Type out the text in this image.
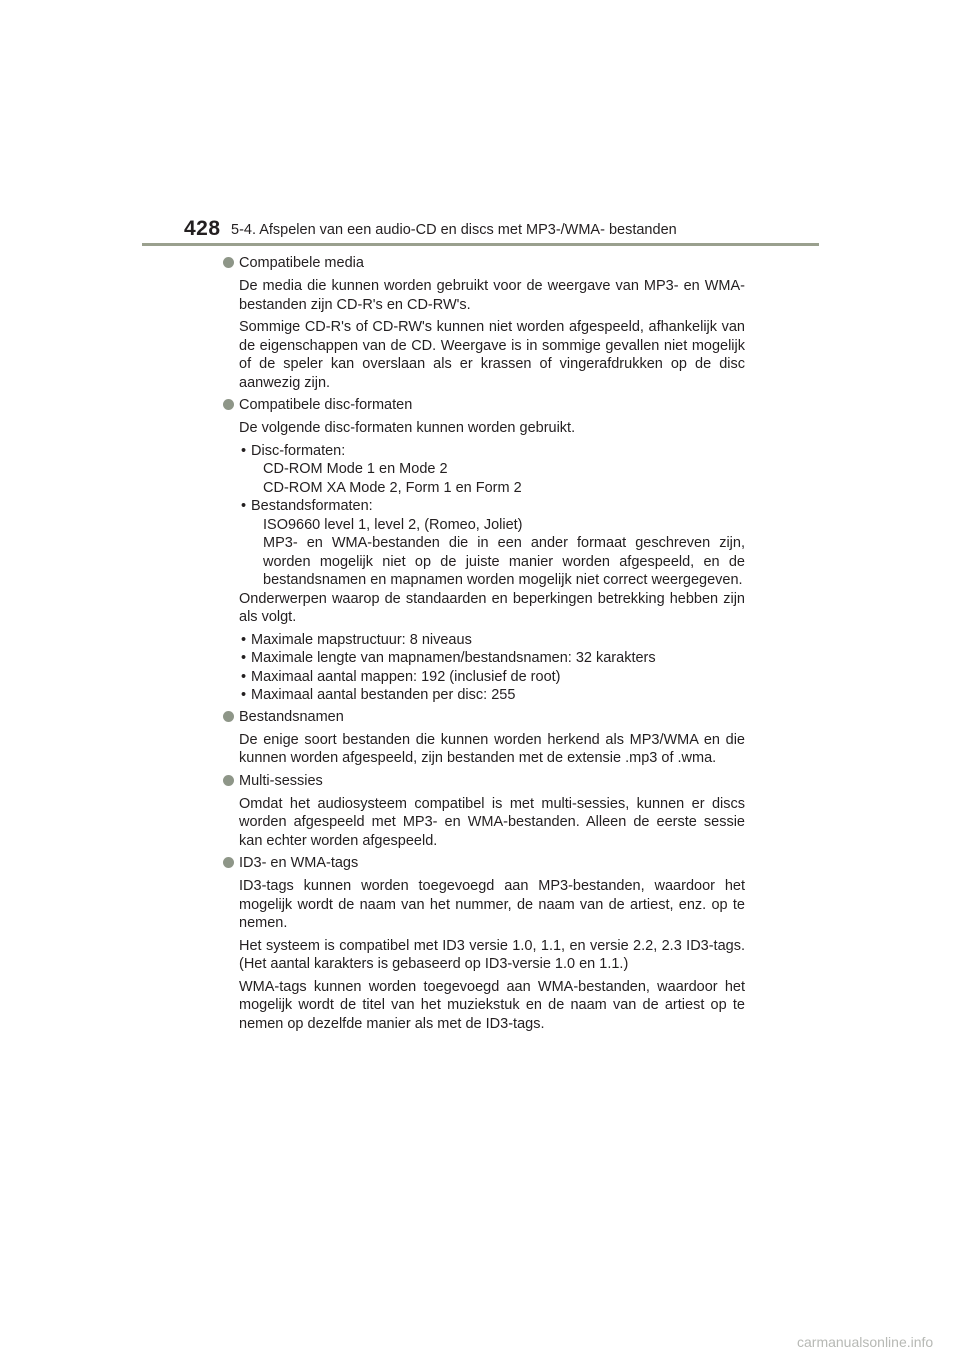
428 5-4. Afspelen van een audio-CD en discs met MP3-/WMA- bestanden
Compatibele media
De media die kunnen worden gebruikt voor de weergave van MP3- en WMA-bestanden zijn CD-R's en CD-RW's.
Sommige CD-R's of CD-RW's kunnen niet worden afgespeeld, afhankelijk van de eigenschappen van de CD. Weergave is in sommige gevallen niet mogelijk of de speler kan overslaan als er krassen of vingerafdrukken op de disc aanwezig zijn.
Compatibele disc-formaten
De volgende disc-formaten kunnen worden gebruikt.
• Disc-formaten:
CD-ROM Mode 1 en Mode 2
CD-ROM XA Mode 2, Form 1 en Form 2
• Bestandsformaten:
ISO9660 level 1, level 2, (Romeo, Joliet)
MP3- en WMA-bestanden die in een ander formaat geschreven zijn, worden mogelijk niet op de juiste manier worden afgespeeld, en de bestandsnamen en mapnamen worden mogelijk niet correct weergegeven.
Onderwerpen waarop de standaarden en beperkingen betrekking hebben zijn als volgt.
• Maximale mapstructuur: 8 niveaus
• Maximale lengte van mapnamen/bestandsnamen: 32 karakters
• Maximaal aantal mappen: 192 (inclusief de root)
• Maximaal aantal bestanden per disc: 255
Bestandsnamen
De enige soort bestanden die kunnen worden herkend als MP3/WMA en die kunnen worden afgespeeld, zijn bestanden met de extensie .mp3 of .wma.
Multi-sessies
Omdat het audiosysteem compatibel is met multi-sessies, kunnen er discs worden afgespeeld met MP3- en WMA-bestanden. Alleen de eerste sessie kan echter worden afgespeeld.
ID3- en WMA-tags
ID3-tags kunnen worden toegevoegd aan MP3-bestanden, waardoor het mogelijk wordt de naam van het nummer, de naam van de artiest, enz. op te nemen.
Het systeem is compatibel met ID3 versie 1.0, 1.1, en versie 2.2, 2.3 ID3-tags. (Het aantal karakters is gebaseerd op ID3-versie 1.0 en 1.1.)
WMA-tags kunnen worden toegevoegd aan WMA-bestanden, waardoor het mogelijk wordt de titel van het muziekstuk en de naam van de artiest op te nemen op dezelfde manier als met de ID3-tags.
carmanualsonline.info
